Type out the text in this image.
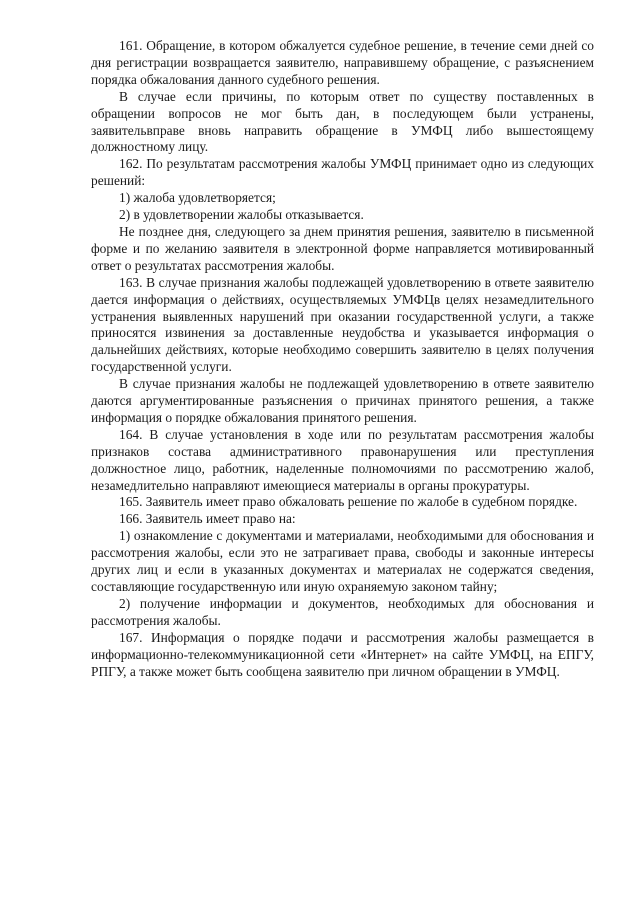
161. Обращение, в котором обжалуется судебное решение, в течение семи дней со дня регистрации возвращается заявителю, направившему обращение, с разъяснением порядка обжалования данного судебного решения.

В случае если причины, по которым ответ по существу поставленных в обращении вопросов не мог быть дан, в последующем были устранены, заявительвправе вновь направить обращение в УМФЦ либо вышестоящему должностному лицу.

162. По результатам рассмотрения жалобы УМФЦ принимает одно из следующих решений:

1) жалоба удовлетворяется;

2) в удовлетворении жалобы отказывается.

Не позднее дня, следующего за днем принятия решения, заявителю в письменной форме и по желанию заявителя в электронной форме направляется мотивированный ответ о результатах рассмотрения жалобы.

163. В случае признания жалобы подлежащей удовлетворению в ответе заявителю дается информация о действиях, осуществляемых УМФЦв целях незамедлительного устранения выявленных нарушений при оказании государственной услуги, а также приносятся извинения за доставленные неудобства и указывается информация о дальнейших действиях, которые необходимо совершить заявителю в целях получения государственной услуги.

В случае признания жалобы не подлежащей удовлетворению в ответе заявителю даются аргументированные разъяснения о причинах принятого решения, а также информация о порядке обжалования принятого решения.

164. В случае установления в ходе или по результатам рассмотрения жалобы признаков состава административного правонарушения или преступления должностное лицо, работник, наделенные полномочиями по рассмотрению жалоб, незамедлительно направляют имеющиеся материалы в органы прокуратуры.

165. Заявитель имеет право обжаловать решение по жалобе в судебном порядке.

166. Заявитель имеет право на:

1) ознакомление с документами и материалами, необходимыми для обоснования и рассмотрения жалобы, если это не затрагивает права, свободы и законные интересы других лиц и если в указанных документах и материалах не содержатся сведения, составляющие государственную или иную охраняемую законом тайну;

2) получение информации и документов, необходимых для обоснования и рассмотрения жалобы.

167. Информация о порядке подачи и рассмотрения жалобы размещается в информационно-телекоммуникационной сети «Интернет» на сайте УМФЦ, на ЕПГУ, РПГУ, а также может быть сообщена заявителю при личном обращении в УМФЦ.
